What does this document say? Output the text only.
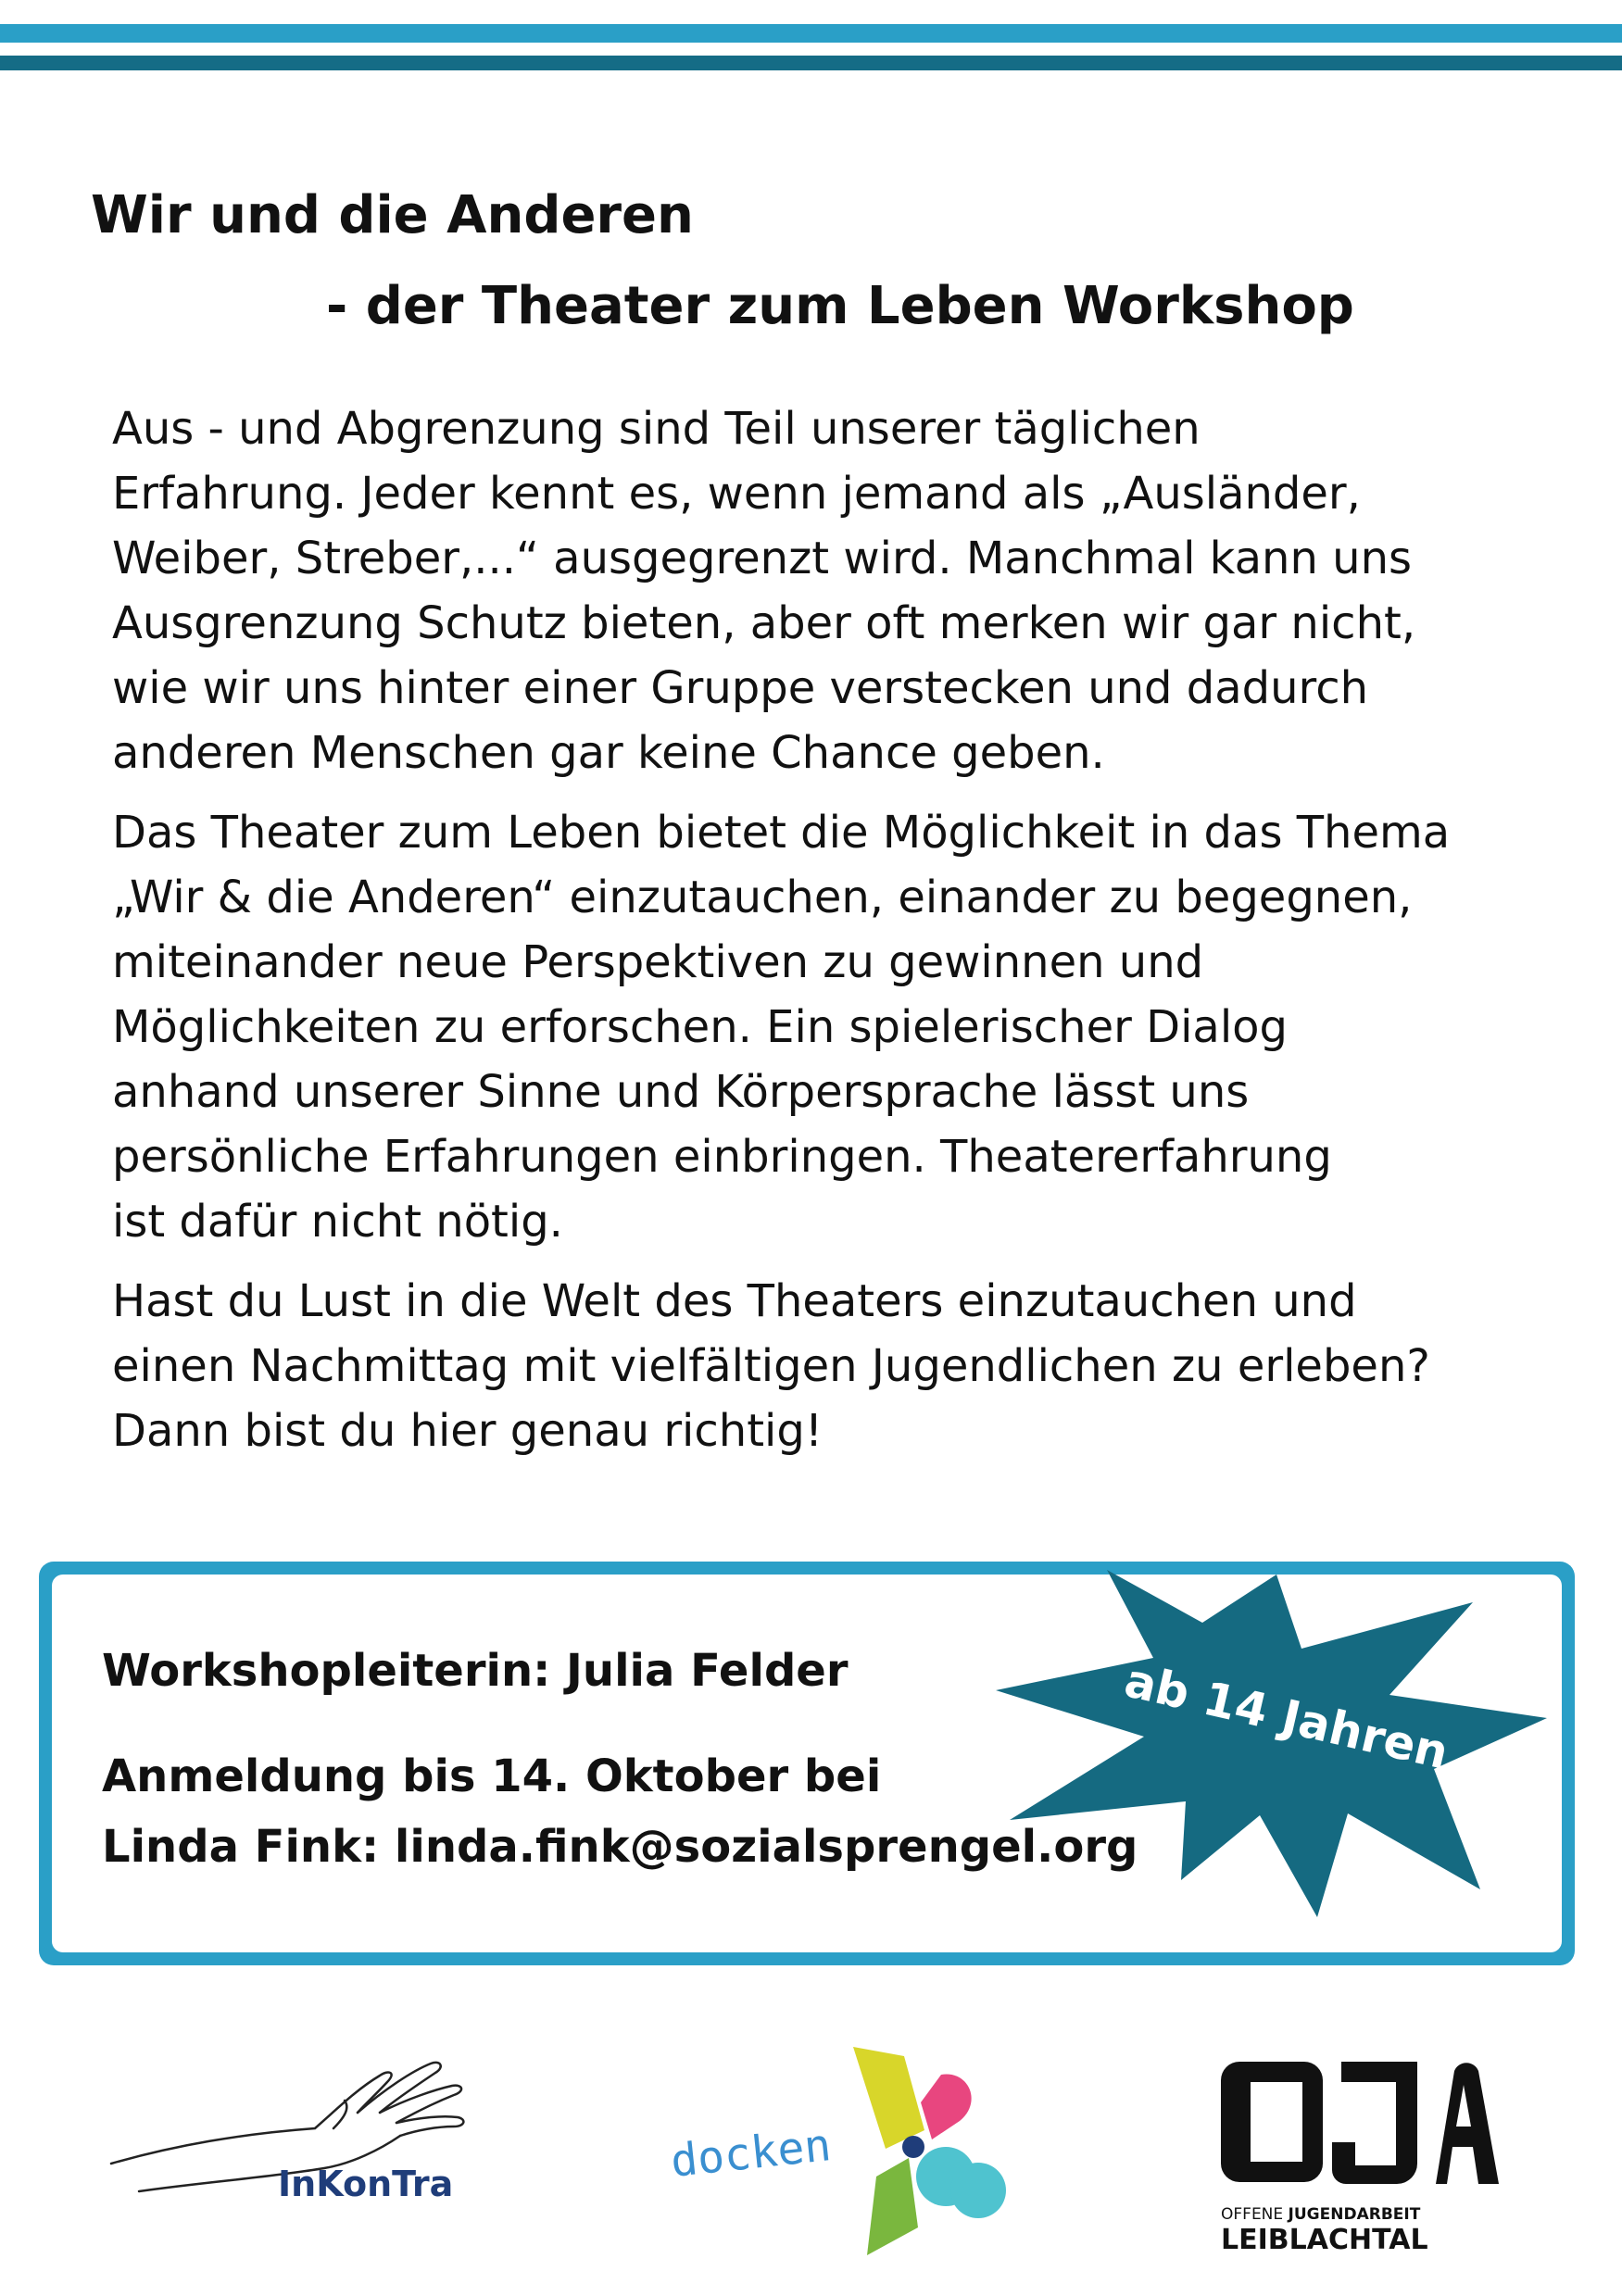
Wir und die Anderen
- der Theater zum Leben Workshop

Aus - und Abgrenzung sind Teil unserer täglichen
Erfahrung. Jeder kennt es, wenn jemand als „Ausländer,
Weiber, Streber,...“ ausgegrenzt wird. Manchmal kann uns
Ausgrenzung Schutz bieten, aber oft merken wir gar nicht,
wie wir uns hinter einer Gruppe verstecken und dadurch
anderen Menschen gar keine Chance geben.

Das Theater zum Leben bietet die Möglichkeit in das Thema
„Wir & die Anderen“ einzutauchen, einander zu begegnen,
miteinander neue Perspektiven zu gewinnen und
Möglichkeiten zu erforschen. Ein spielerischer Dialog
anhand unserer Sinne und Körpersprache lässt uns
persönliche Erfahrungen einbringen. Theatererfahrung
ist dafür nicht nötig.

Hast du Lust in die Welt des Theaters einzutauchen und
einen Nachmittag mit vielfältigen Jugendlichen zu erleben?
Dann bist du hier genau richtig!

Workshopleiterin: Julia Felder

Anmeldung bis 14. Oktober bei
Linda Fink: linda.fink@sozialsprengel.org
ab 14 Jahren
InKonTra	docken
OFFENE JUGENDARBEIT
LEIBLACHTAL
